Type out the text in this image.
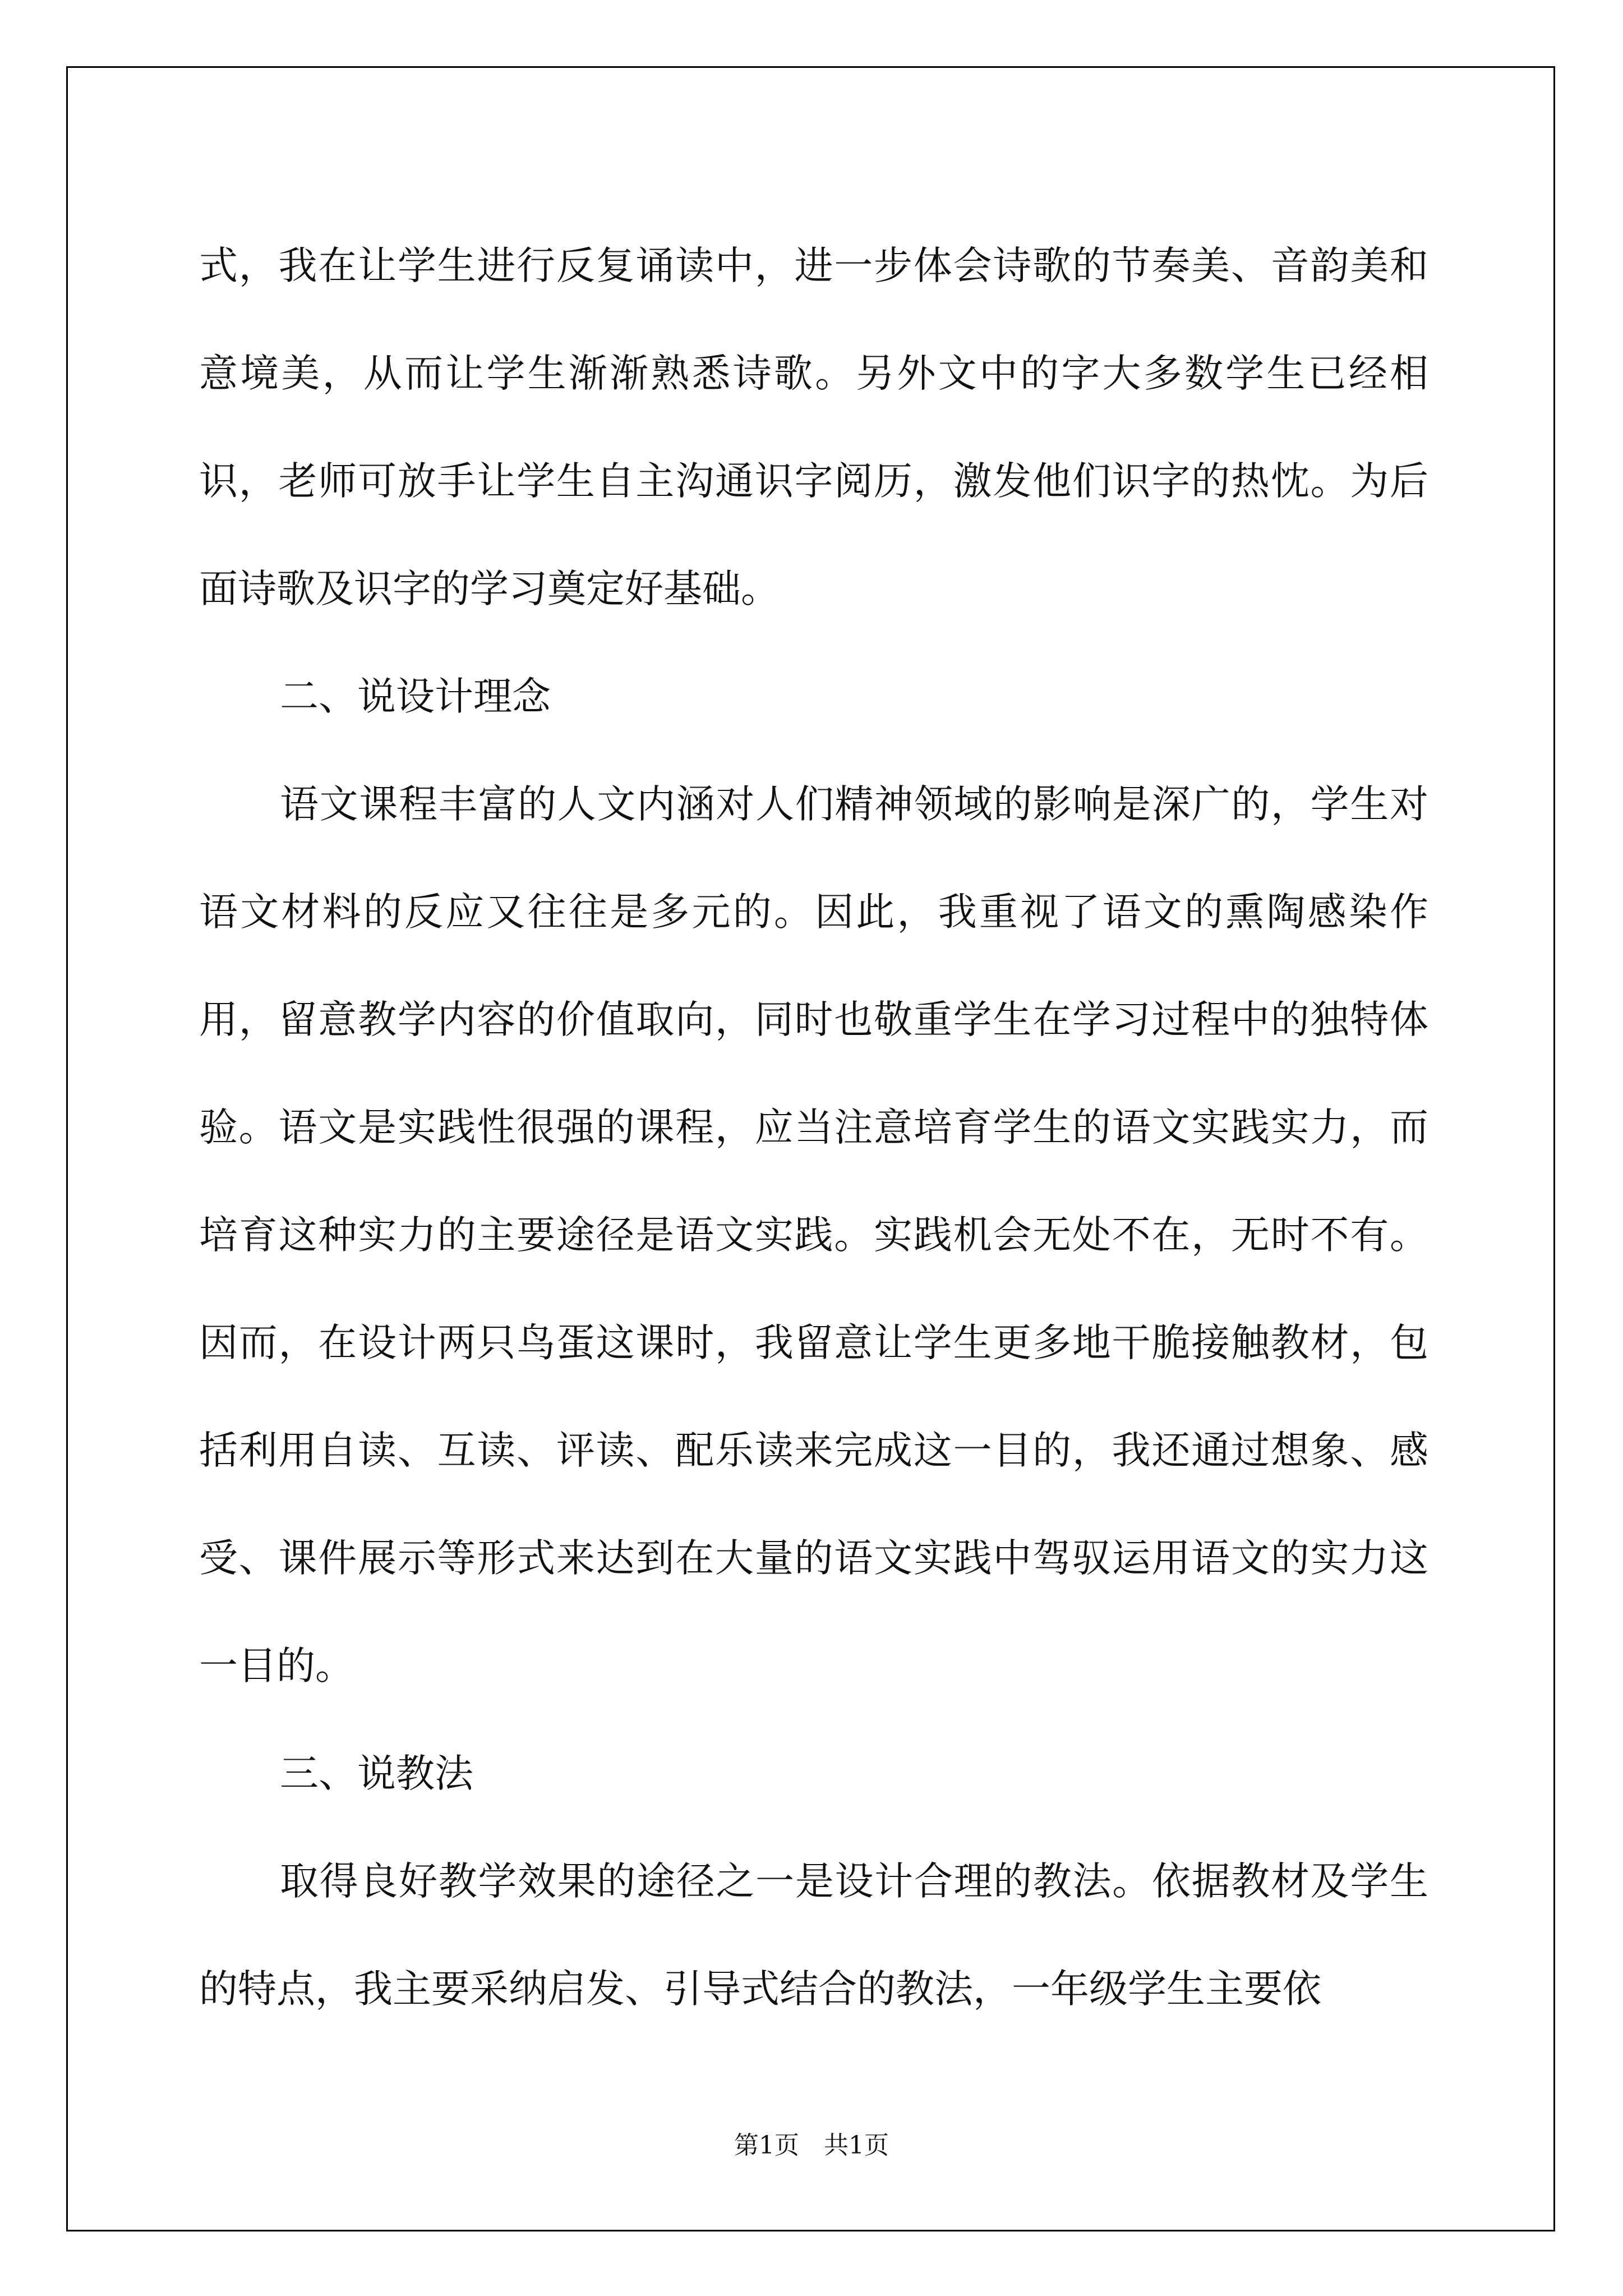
式，我在让学生进行反复诵读中，进一步体会诗歌的节奏美、音韵美和意境美，从而让学生渐渐熟悉诗歌。另外文中的字大多数学生已经相识，老师可放手让学生自主沟通识字阅历，激发他们识字的热忱。为后面诗歌及识字的学习奠定好基础。

二、说设计理念

语文课程丰富的人文内涵对人们精神领域的影响是深广的，学生对语文材料的反应又往往是多元的。因此，我重视了语文的熏陶感染作用，留意教学内容的价值取向，同时也敬重学生在学习过程中的独特体验。语文是实践性很强的课程，应当注意培育学生的语文实践实力，而培育这种实力的主要途径是语文实践。实践机会无处不在，无时不有。因而，在设计两只鸟蛋这课时，我留意让学生更多地干脆接触教材，包括利用自读、互读、评读、配乐读来完成这一目的，我还通过想象、感受、课件展示等形式来达到在大量的语文实践中驾驭运用语文的实力这一目的。

三、说教法

取得良好教学效果的途径之一是设计合理的教法。依据教材及学生的特点，我主要采纳启发、引导式结合的教法，一年级学生主要依

第1页　共1页
